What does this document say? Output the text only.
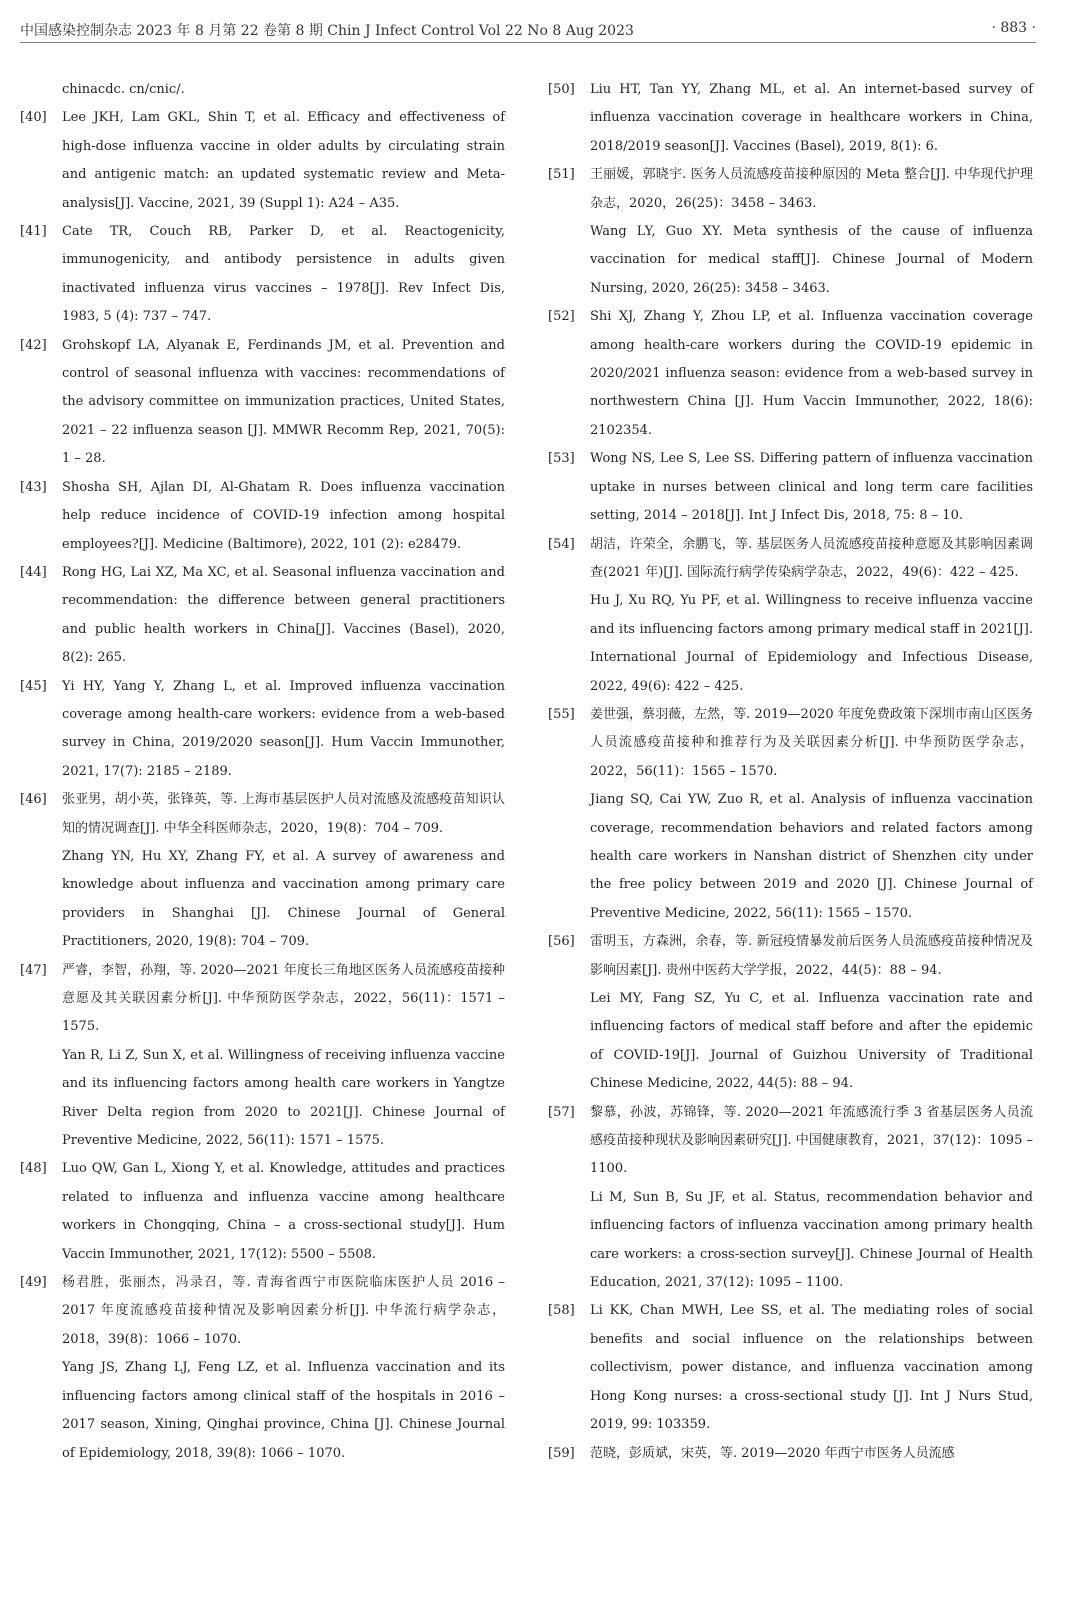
中国感染控制杂志 2023 年 8 月第 22 卷第 8 期 Chin J Infect Control Vol 22 No 8 Aug 2023	· 883 ·
chinacdc. cn/cnic/.
[40] Lee JKH, Lam GKL, Shin T, et al. Efficacy and effectiveness of high-dose influenza vaccine in older adults by circulating strain and antigenic match: an updated systematic review and Meta-analysis[J]. Vaccine, 2021, 39 (Suppl 1): A24 – A35.
[41] Cate TR, Couch RB, Parker D, et al. Reactogenicity, immunogenicity, and antibody persistence in adults given inactivated influenza virus vaccines – 1978[J]. Rev Infect Dis, 1983, 5 (4): 737 – 747.
[42] Grohskopf LA, Alyanak E, Ferdinands JM, et al. Prevention and control of seasonal influenza with vaccines: recommendations of the advisory committee on immunization practices, United States, 2021 – 22 influenza season [J]. MMWR Recomm Rep, 2021, 70(5): 1 – 28.
[43] Shosha SH, Ajlan DI, Al-Ghatam R. Does influenza vaccination help reduce incidence of COVID-19 infection among hospital employees?[J]. Medicine (Baltimore), 2022, 101 (2): e28479.
[44] Rong HG, Lai XZ, Ma XC, et al. Seasonal influenza vaccination and recommendation: the difference between general practitioners and public health workers in China[J]. Vaccines (Basel), 2020, 8(2): 265.
[45] Yi HY, Yang Y, Zhang L, et al. Improved influenza vaccination coverage among health-care workers: evidence from a web-based survey in China, 2019/2020 season[J]. Hum Vaccin Immunother, 2021, 17(7): 2185 – 2189.
[46] 张亚男，胡小英，张锋英，等. 上海市基层医护人员对流感及流感疫苗知识认知的情况调查[J]. 中华全科医师杂志，2020，19(8)：704 – 709.
Zhang YN, Hu XY, Zhang FY, et al. A survey of awareness and knowledge about influenza and vaccination among primary care providers in Shanghai [J]. Chinese Journal of General Practitioners, 2020, 19(8): 704 – 709.
[47] 严睿，李智，孙翔，等. 2020—2021 年度长三角地区医务人员流感疫苗接种意愿及其关联因素分析[J]. 中华预防医学杂志，2022，56(11)：1571 – 1575.
Yan R, Li Z, Sun X, et al. Willingness of receiving influenza vaccine and its influencing factors among health care workers in Yangtze River Delta region from 2020 to 2021[J]. Chinese Journal of Preventive Medicine, 2022, 56(11): 1571 – 1575.
[48] Luo QW, Gan L, Xiong Y, et al. Knowledge, attitudes and practices related to influenza and influenza vaccine among healthcare workers in Chongqing, China – a cross-sectional study[J]. Hum Vaccin Immunother, 2021, 17(12): 5500 – 5508.
[49] 杨君胜，张丽杰，冯录召，等. 青海省西宁市医院临床医护人员 2016 – 2017 年度流感疫苗接种情况及影响因素分析[J]. 中华流行病学杂志，2018，39(8)：1066 – 1070.
Yang JS, Zhang LJ, Feng LZ, et al. Influenza vaccination and its influencing factors among clinical staff of the hospitals in 2016 – 2017 season, Xining, Qinghai province, China [J]. Chinese Journal of Epidemiology, 2018, 39(8): 1066 – 1070.
[50] Liu HT, Tan YY, Zhang ML, et al. An internet-based survey of influenza vaccination coverage in healthcare workers in China, 2018/2019 season[J]. Vaccines (Basel), 2019, 8(1): 6.
[51] 王丽媛，郭晓宇. 医务人员流感疫苗接种原因的 Meta 整合[J]. 中华现代护理杂志，2020，26(25)：3458 – 3463.
Wang LY, Guo XY. Meta synthesis of the cause of influenza vaccination for medical staff[J]. Chinese Journal of Modern Nursing, 2020, 26(25): 3458 – 3463.
[52] Shi XJ, Zhang Y, Zhou LP, et al. Influenza vaccination coverage among health-care workers during the COVID-19 epidemic in 2020/2021 influenza season: evidence from a web-based survey in northwestern China [J]. Hum Vaccin Immunother, 2022, 18(6): 2102354.
[53] Wong NS, Lee S, Lee SS. Differing pattern of influenza vaccination uptake in nurses between clinical and long term care facilities setting, 2014 – 2018[J]. Int J Infect Dis, 2018, 75: 8 – 10.
[54] 胡洁，许荣全，余鹏飞，等. 基层医务人员流感疫苗接种意愿及其影响因素调查(2021 年)[J]. 国际流行病学传染病学杂志，2022，49(6)：422 – 425.
Hu J, Xu RQ, Yu PF, et al. Willingness to receive influenza vaccine and its influencing factors among primary medical staff in 2021[J]. International Journal of Epidemiology and Infectious Disease, 2022, 49(6): 422 – 425.
[55] 姜世强，蔡羽薇，左然，等. 2019—2020 年度免费政策下深圳市南山区医务人员流感疫苗接种和推荐行为及关联因素分析[J]. 中华预防医学杂志，2022，56(11)：1565 – 1570.
Jiang SQ, Cai YW, Zuo R, et al. Analysis of influenza vaccination coverage, recommendation behaviors and related factors among health care workers in Nanshan district of Shenzhen city under the free policy between 2019 and 2020 [J]. Chinese Journal of Preventive Medicine, 2022, 56(11): 1565 – 1570.
[56] 雷明玉，方森洲，余春，等. 新冠疫情暴发前后医务人员流感疫苗接种情况及影响因素[J]. 贵州中医药大学学报，2022，44(5)：88 – 94.
Lei MY, Fang SZ, Yu C, et al. Influenza vaccination rate and influencing factors of medical staff before and after the epidemic of COVID-19[J]. Journal of Guizhou University of Traditional Chinese Medicine, 2022, 44(5): 88 – 94.
[57] 黎慕，孙波，苏锦锋，等. 2020—2021 年流感流行季 3 省基层医务人员流感疫苗接种现状及影响因素研究[J]. 中国健康教育，2021，37(12)：1095 – 1100.
Li M, Sun B, Su JF, et al. Status, recommendation behavior and influencing factors of influenza vaccination among primary health care workers: a cross-section survey[J]. Chinese Journal of Health Education, 2021, 37(12): 1095 – 1100.
[58] Li KK, Chan MWH, Lee SS, et al. The mediating roles of social benefits and social influence on the relationships between collectivism, power distance, and influenza vaccination among Hong Kong nurses: a cross-sectional study [J]. Int J Nurs Stud, 2019, 99: 103359.
[59] 范晓，彭质斌，宋英，等. 2019—2020 年西宁市医务人员流感
